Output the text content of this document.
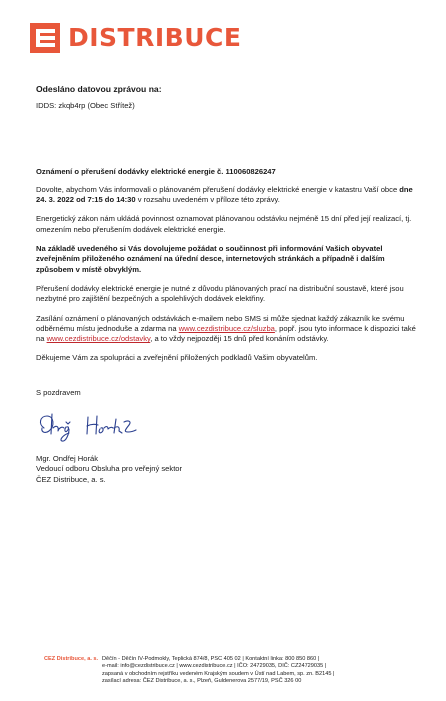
DISTRIBUCE
Odesláno datovou zprávou na:
IDDS: zkqb4rp (Obec Střítež)
Oznámení o přerušení dodávky elektrické energie č. 110060826247
Dovolte, abychom Vás informovali o plánovaném přerušení dodávky elektrické energie v katastru Vaší obce dne 24. 3. 2022 od 7:15 do 14:30 v rozsahu uvedeném v příloze této zprávy.
Energetický zákon nám ukládá povinnost oznamovat plánovanou odstávku nejméně 15 dní před její realizací, tj. omezením nebo přerušením dodávek elektrické energie.
Na základě uvedeného si Vás dovolujeme požádat o součinnost při informování Vašich obyvatel zveřejněním přiloženého oznámení na úřední desce, internetových stránkách a případně i dalším způsobem v místě obvyklým.
Přerušení dodávky elektrické energie je nutné z důvodu plánovaných prací na distribuční soustavě, které jsou nezbytné pro zajištění bezpečných a spolehlivých dodávek elektřiny.
Zasílání oznámení o plánovaných odstávkách e-mailem nebo SMS si může sjednat každý zákazník ke svému odběrnému místu jednoduše a zdarma na www.cezdistribuce.cz/sluzba, popř. jsou tyto informace k dispozici také na www.cezdistribuce.cz/odstavky, a to vždy nejpozději 15 dnů před konáním odstávky.
Děkujeme Vám za spolupráci a zveřejnění přiložených podkladů Vašim obyvatelům.
S pozdravem
Mgr. Ondřej Horák
Vedoucí odboru Obsluha pro veřejný sektor
ČEZ Distribuce, a. s.
ČEZ Distribuce, a. s. Děčín - Děčín IV-Podmokly, Teplická 874/8, PSČ 405 02 | Kontaktní linka: 800 850 860 |
e-mail: info@cezdistribuce.cz | www.cezdistribuce.cz | IČO: 24729035, DIČ: CZ24729035 |
zapsaná v obchodním rejstříku vedeném Krajským soudem v Ústí nad Labem, sp. zn. B2145 |
zasílací adresa: ČEZ Distribuce, a. s., Plzeň, Guldenerova 2577/19, PSČ 326 00
